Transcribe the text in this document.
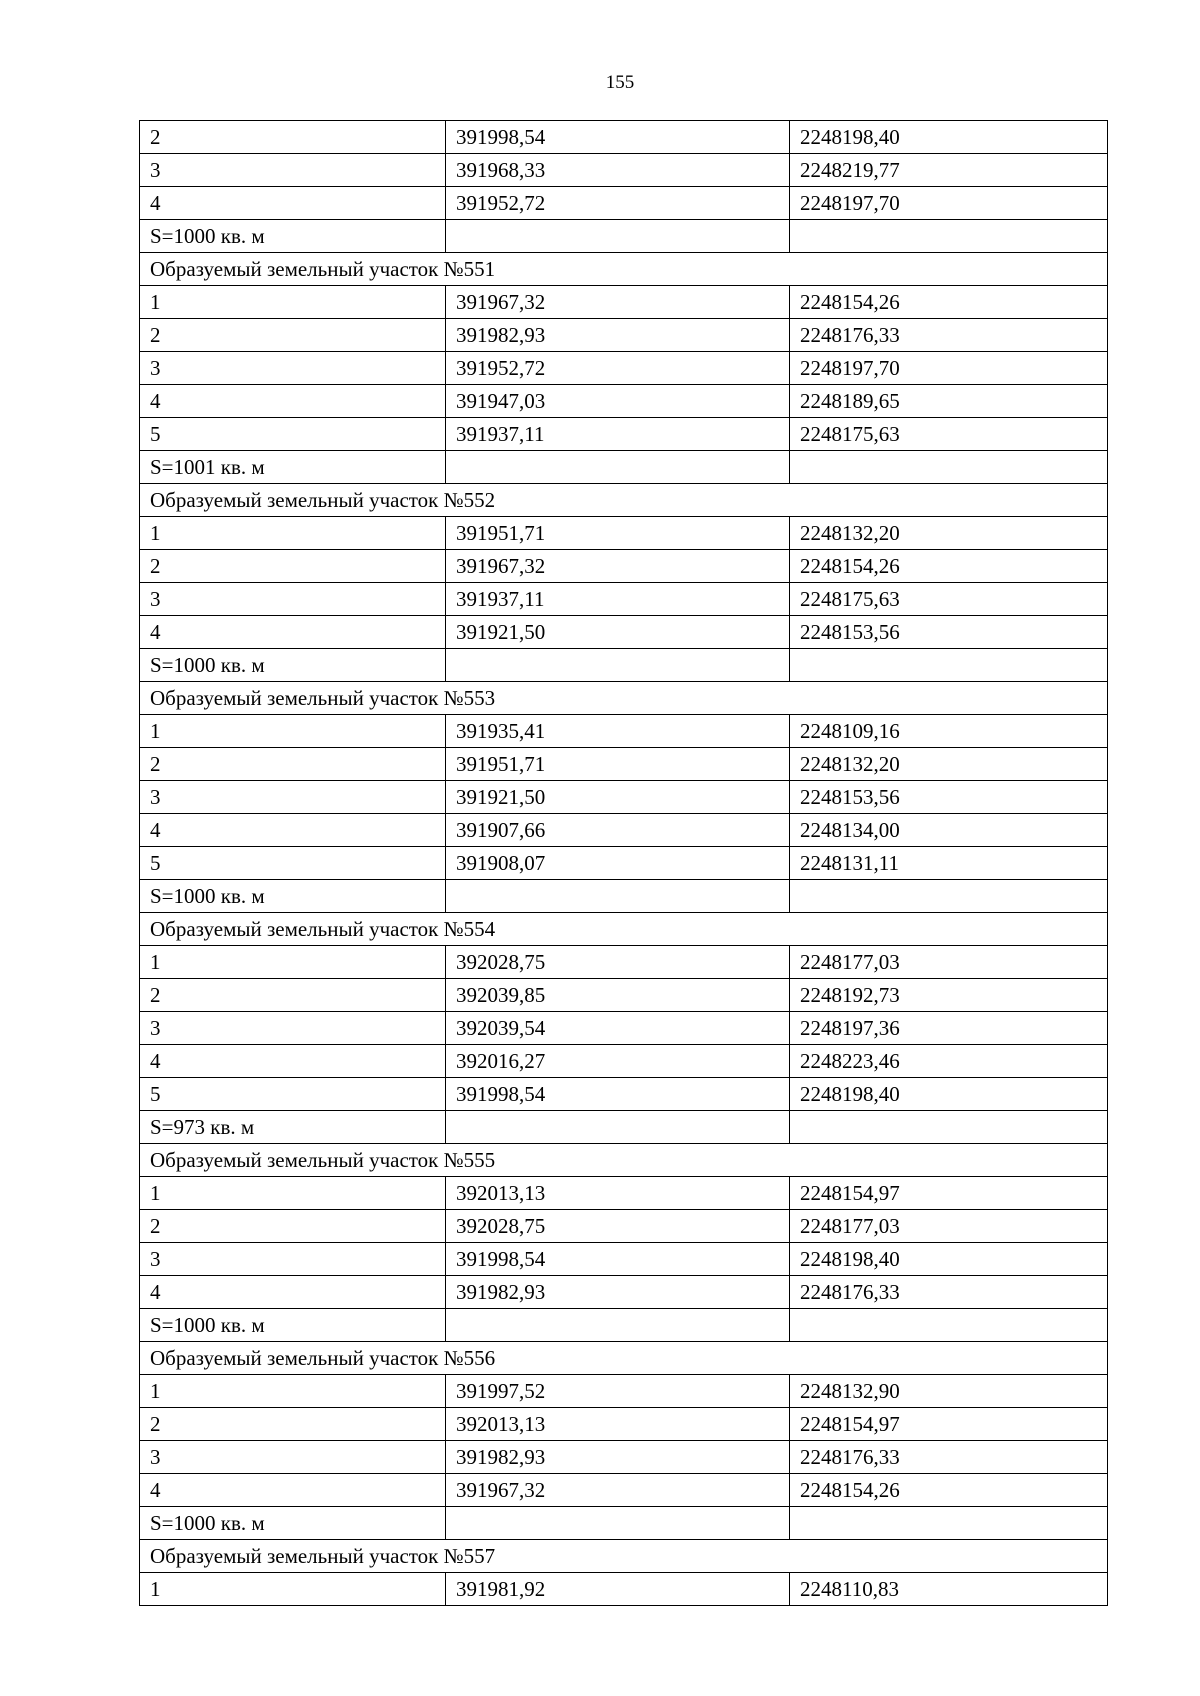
155
2	391998,54	2248198,40
3	391968,33	2248219,77
4	391952,72	2248197,70
S=1000 кв. м		
Образуемый земельный участок №551		
1	391967,32	2248154,26
2	391982,93	2248176,33
3	391952,72	2248197,70
4	391947,03	2248189,65
5	391937,11	2248175,63
S=1001 кв. м		
Образуемый земельный участок №552		
1	391951,71	2248132,20
2	391967,32	2248154,26
3	391937,11	2248175,63
4	391921,50	2248153,56
S=1000 кв. м		
Образуемый земельный участок №553		
1	391935,41	2248109,16
2	391951,71	2248132,20
3	391921,50	2248153,56
4	391907,66	2248134,00
5	391908,07	2248131,11
S=1000 кв. м		
Образуемый земельный участок №554		
1	392028,75	2248177,03
2	392039,85	2248192,73
3	392039,54	2248197,36
4	392016,27	2248223,46
5	391998,54	2248198,40
S=973 кв. м		
Образуемый земельный участок №555		
1	392013,13	2248154,97
2	392028,75	2248177,03
3	391998,54	2248198,40
4	391982,93	2248176,33
S=1000 кв. м		
Образуемый земельный участок №556		
1	391997,52	2248132,90
2	392013,13	2248154,97
3	391982,93	2248176,33
4	391967,32	2248154,26
S=1000 кв. м		
Образуемый земельный участок №557		
1	391981,92	2248110,83
